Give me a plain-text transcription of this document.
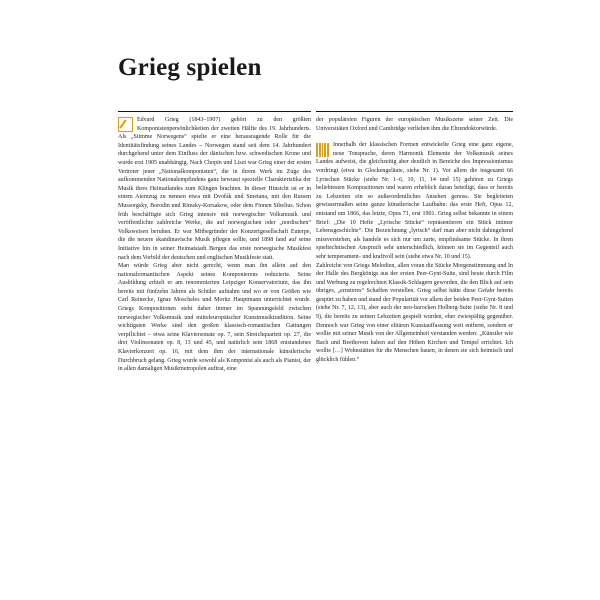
Grieg spielen

Edvard Grieg (1843–1907) gehört zu den größten Komponistenpersönlichkeiten der zweiten Hälfte des 19. Jahrhunderts. Als „Stimme Norwegens“ spielte er eine herausragende Rolle für die Identitätsfindung seines Landes – Norwegen stand seit dem 14. Jahrhundert durchgehend unter dem Einfluss der dänischen bzw. schwedischen Krone und wurde erst 1905 unabhängig. Nach Chopin und Liszt war Grieg einer der ersten Vertreter jener „Nationalkomponisten“, die in ihrem Werk im Zuge des aufkommenden Nationalempfindens ganz bewusst spezielle Charakteristika der Musik ihres Heimatlandes zum Klingen brachten. In dieser Hinsicht ist er in einem Atemzug zu nennen etwa mit Dvořák und Smetana, mit den Russen Mussorgsky, Borodin und Rimsky-Korsakow, oder dem Finnen Sibelius. Schon früh beschäftigte sich Grieg intensiv mit norwegischer Volksmusik und veröffentlichte zahlreiche Werke, die auf norwegischen oder „nordischen“ Volksweisen beruhen. Er war Mitbegründer der Konzertgesellschaft Euterpe, die die neuere skandinavische Musik pflegen sollte, und 1898 fand auf seine Initiative hin in seiner Heimatstadt Bergen das erste norwegische Musikfest nach dem Vorbild der deutschen und englischen Musikfeste statt.

Man würde Grieg aber nicht gerecht, wenn man ihn allein auf den nationalromantischen Aspekt seines Komponierens reduzierte. Seine Ausbildung erhielt er am renommierten Leipziger Konservatorium, das ihn bereits mit fünfzehn Jahren als Schüler aufnahm und wo er von Größen wie Carl Reinecke, Ignaz Moscheles und Moritz Hauptmann unterrichtet wurde. Griegs Kompositionen steht daher immer im Spannungsfeld zwischen norwegischer Volksmusik und mitteleuropäischer Kunstmusiktradition. Seine wichtigsten Werke sind den großen klassisch-romantischen Gattungen verpflichtet – etwa seine Klaviersonate op. 7, sein Streichquartett op. 27, die drei Violinsonaten op. 8, 13 und 45, und natürlich sein 1868 entstandenes Klavierkonzert op. 16, mit dem ihm der internationale künstlerische Durchbruch gelang. Grieg wurde sowohl als Komponist als auch als Pianist, der in allen damaligen Musikmetropolen auftrat, eine

der populärsten Figuren der europäischen Musikszene seiner Zeit. Die Universitäten Oxford und Cambridge verliehen ihm die Ehrendoktorwürde.

Innerhalb der klassischen Formen entwickelte Grieg eine ganz eigene, neue Tonsprache, deren Harmonik Elemente der Volksmusik seines Landes aufweist, die gleichzeitig aber deutlich in Bereiche des Impressionismus vordringt (etwa in Glockengeläute, siehe Nr. 1). Vor allem die insgesamt 66 Lyrischen Stücke (siehe Nr. 1–6, 10, 11, 14 und 15) gehören zu Griegs beliebtesten Kompositionen und waren erheblich daran beteiligt, dass er bereits zu Lebzeiten ein so außerordentliches Ansehen genoss. Sie begleiteten gewissermaßen seine ganze künstlerische Laufbahn: das erste Heft, Opus 12, entstand um 1866, das letzte, Opus 71, erst 1901. Grieg selbst bekannte in einem Brief: „Die 10 Hefte „Lyrische Stücke“ repräsentieren ein Stück intimer Lebensgeschichte“. Die Bezeichnung „lyrisch“ darf man aber nicht dahingehend missverstehen, als handele es sich nur um zarte, empfindsame Stücke. In ihren spieltechnischen Anspruch sehr unterschiedlich, können sie im Gegenteil auch sehr temperament- und kraftvoll sein (siehe etwa Nr. 10 und 15).

Zahlreiche von Griegs Melodien, allen voran die Stücke Morgenstimmung und In der Halle des Bergkönigs aus der ersten Peer-Gynt-Suite, sind heute durch Film und Werbung zu regelrechten Klassik-Schlagern geworden, die den Blick auf sein übriges, „ernsteres“ Schaffen verstellen. Grieg selbst hätte diese Gefahr bereits gespürt zu haben und stand der Popularität vor allem der beiden Peer-Gynt-Suiten (siehe Nr. 7, 12, 13), aber auch der neo-barocken Holberg-Suite (siehe Nr. 8 und 9), die bereits zu seinen Lebzeiten gespielt wurden, eher zwiespältig gegenüber. Dennoch war Grieg von einer elitären Kunstauffassung weit entfernt, sondern er wollte mit seiner Musik von der Allgemeinheit verstanden werden: „Künstler wie Bach und Beethoven haben auf den Höhen Kirchen und Tempel errichtet. Ich wollte […] Wohnstätten für die Menschen bauen, in denen sie sich heimisch und glücklich fühlen.“
